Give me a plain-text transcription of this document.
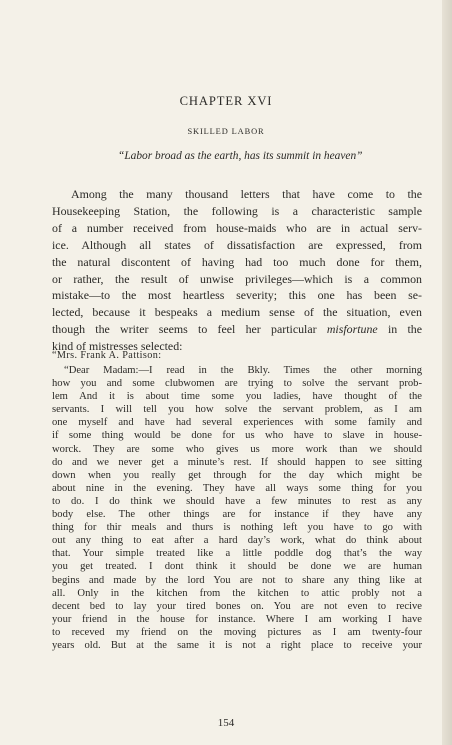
CHAPTER XVI
SKILLED LABOR
“Labor broad as the earth, has its summit in heaven”
Among the many thousand letters that have come to the
Housekeeping Station, the following is a characteristic sample
of a number received from house-maids who are in actual serv-
ice. Although all states of dissatisfaction are expressed, from
the natural discontent of having had too much done for them,
or rather, the result of unwise privileges—which is a common
mistake—to the most heartless severity; this one has been se-
lected, because it bespeaks a medium sense of the situation, even
though the writer seems to feel her particular misfortune in the
kind of mistresses selected:
“Mrs. Frank A. Pattison:
“Dear Madam:—I read in the Bkly. Times the other morning
how you and some clubwomen are trying to solve the servant prob-
lem And it is about time some you ladies, have thought of the
servants. I will tell you how solve the servant problem, as I am
one myself and have had several experiences with some family and
if some thing would be done for us who have to slave in house-
worck. They are some who gives us more work than we should
do and we never get a minute’s rest. If should happen to see sitting
down when you really get through for the day which might be
about nine in the evening. They have all ways some thing for you
to do. I do think we should have a few minutes to rest as any
body else. The other things are for instance if they have any
thing for thir meals and thurs is nothing left you have to go with
out any thing to eat after a hard day’s work, what do think about
that. Your simple treated like a little poddle dog that’s the way
you get treated. I dont think it should be done we are human
begins and made by the lord You are not to share any thing like at
all. Only in the kitchen from the kitchen to attic probly not a
decent bed to lay your tired bones on. You are not even to recive
your friend in the house for instance. Where I am working I have
to receved my friend on the moving pictures as I am twenty-four
years old. But at the same it is not a right place to receive your
154
